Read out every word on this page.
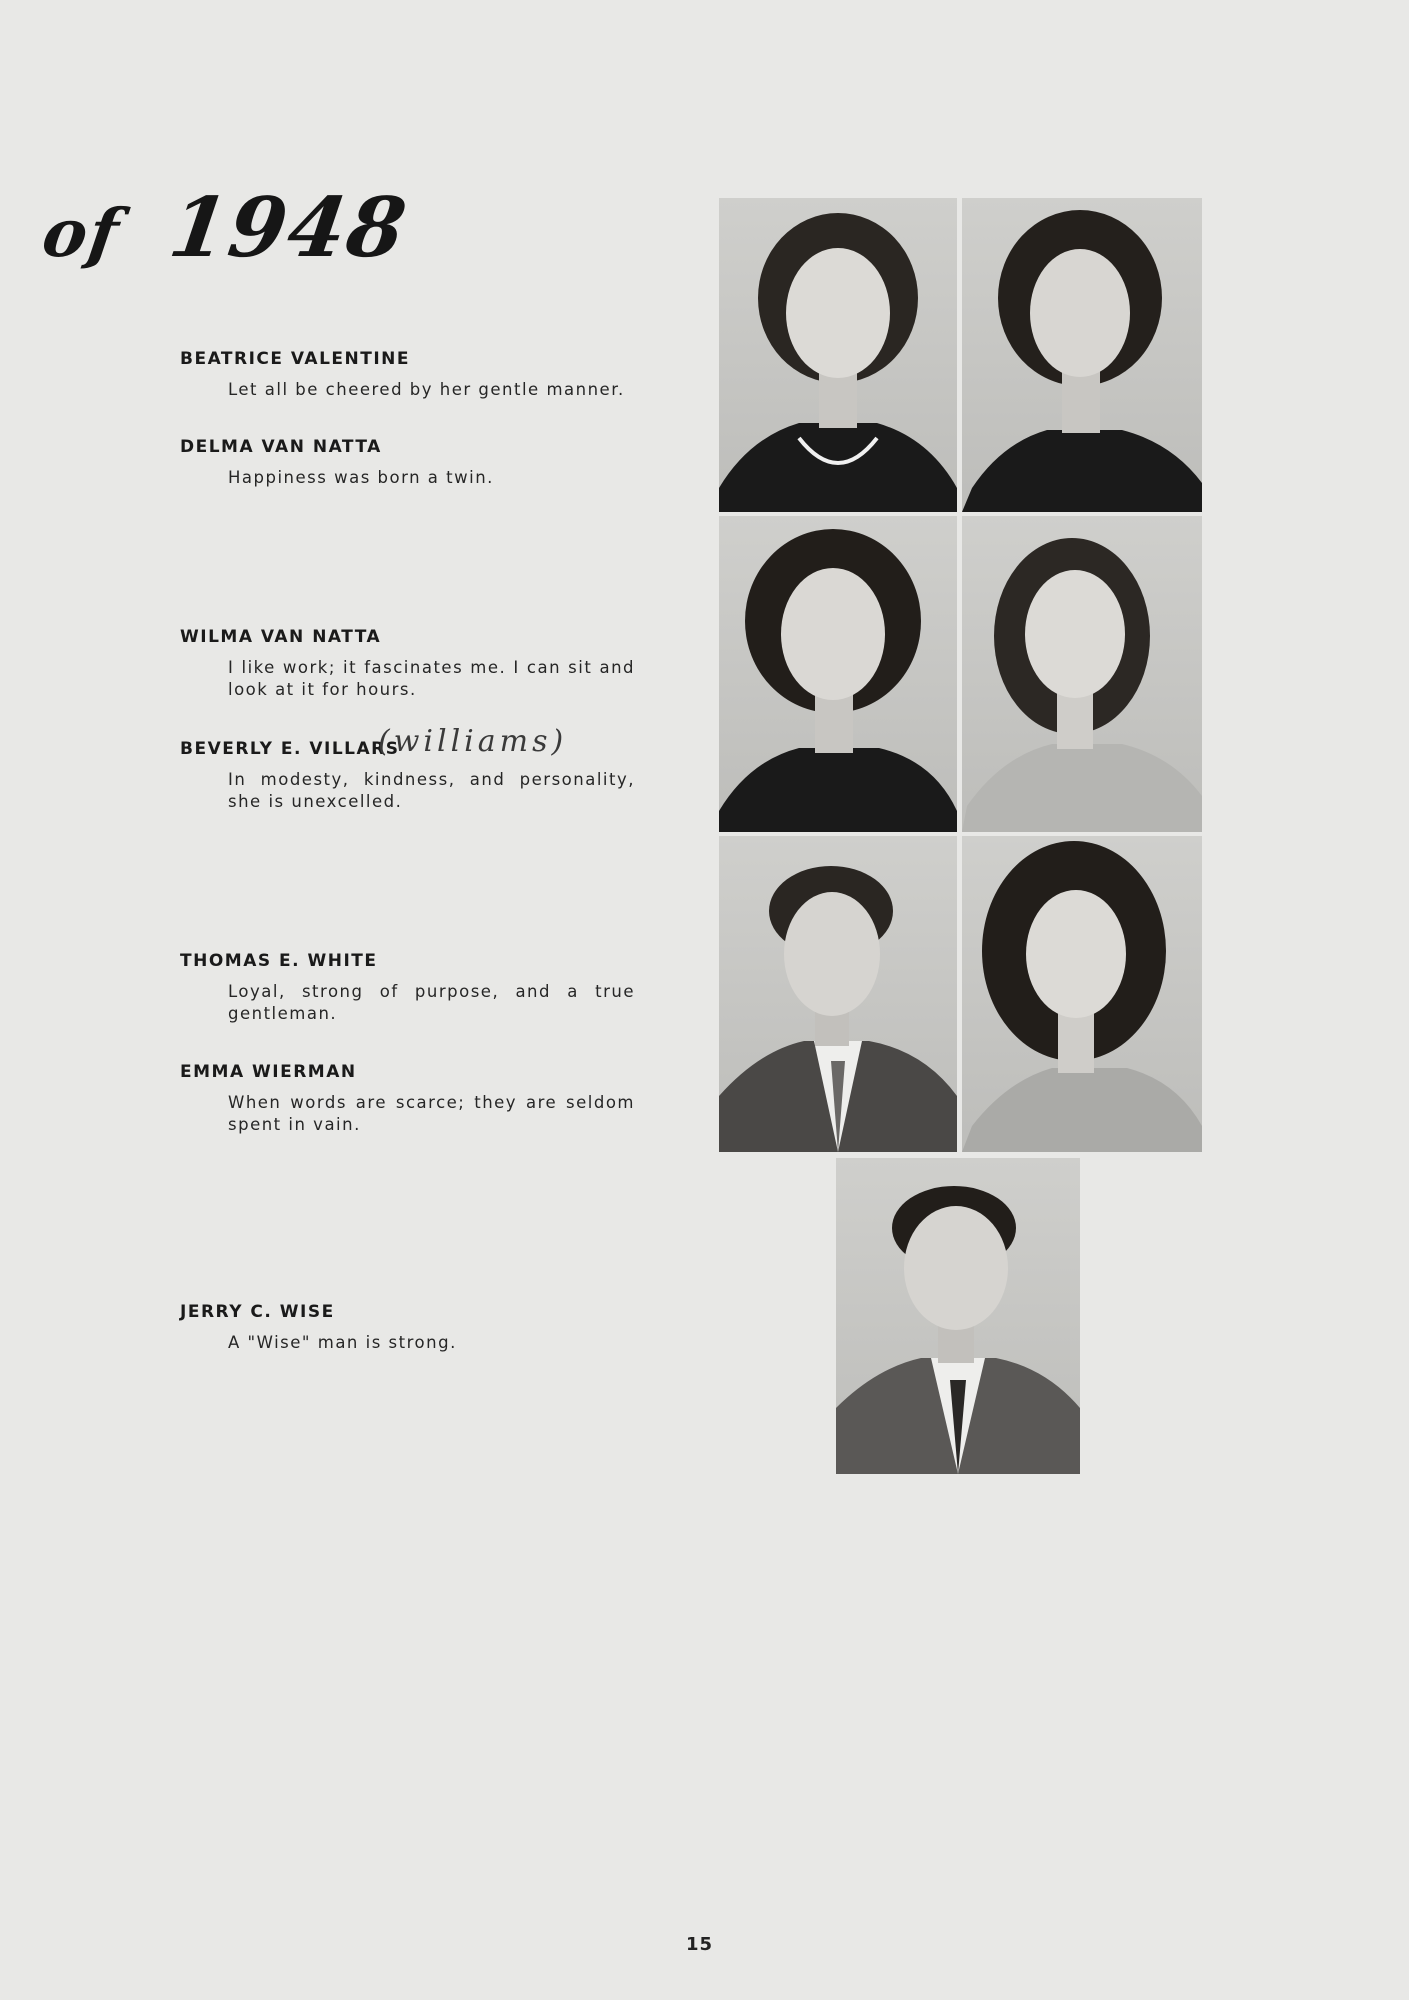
of 1948

BEATRICE VALENTINE

Let all be cheered by her gentle manner.

DELMA VAN NATTA

Happiness was born a twin.

WILMA VAN NATTA

I like work; it fascinates me. I can sit and look at it for hours.

BEVERLY E. VILLARS

In modesty, kindness, and personality, she is unexcelled.

(williams)

THOMAS E. WHITE

Loyal, strong of purpose, and a true gentleman.

EMMA WIERMAN

When words are scarce; they are seldom spent in vain.

JERRY C. WISE

A "Wise" man is strong.

15
